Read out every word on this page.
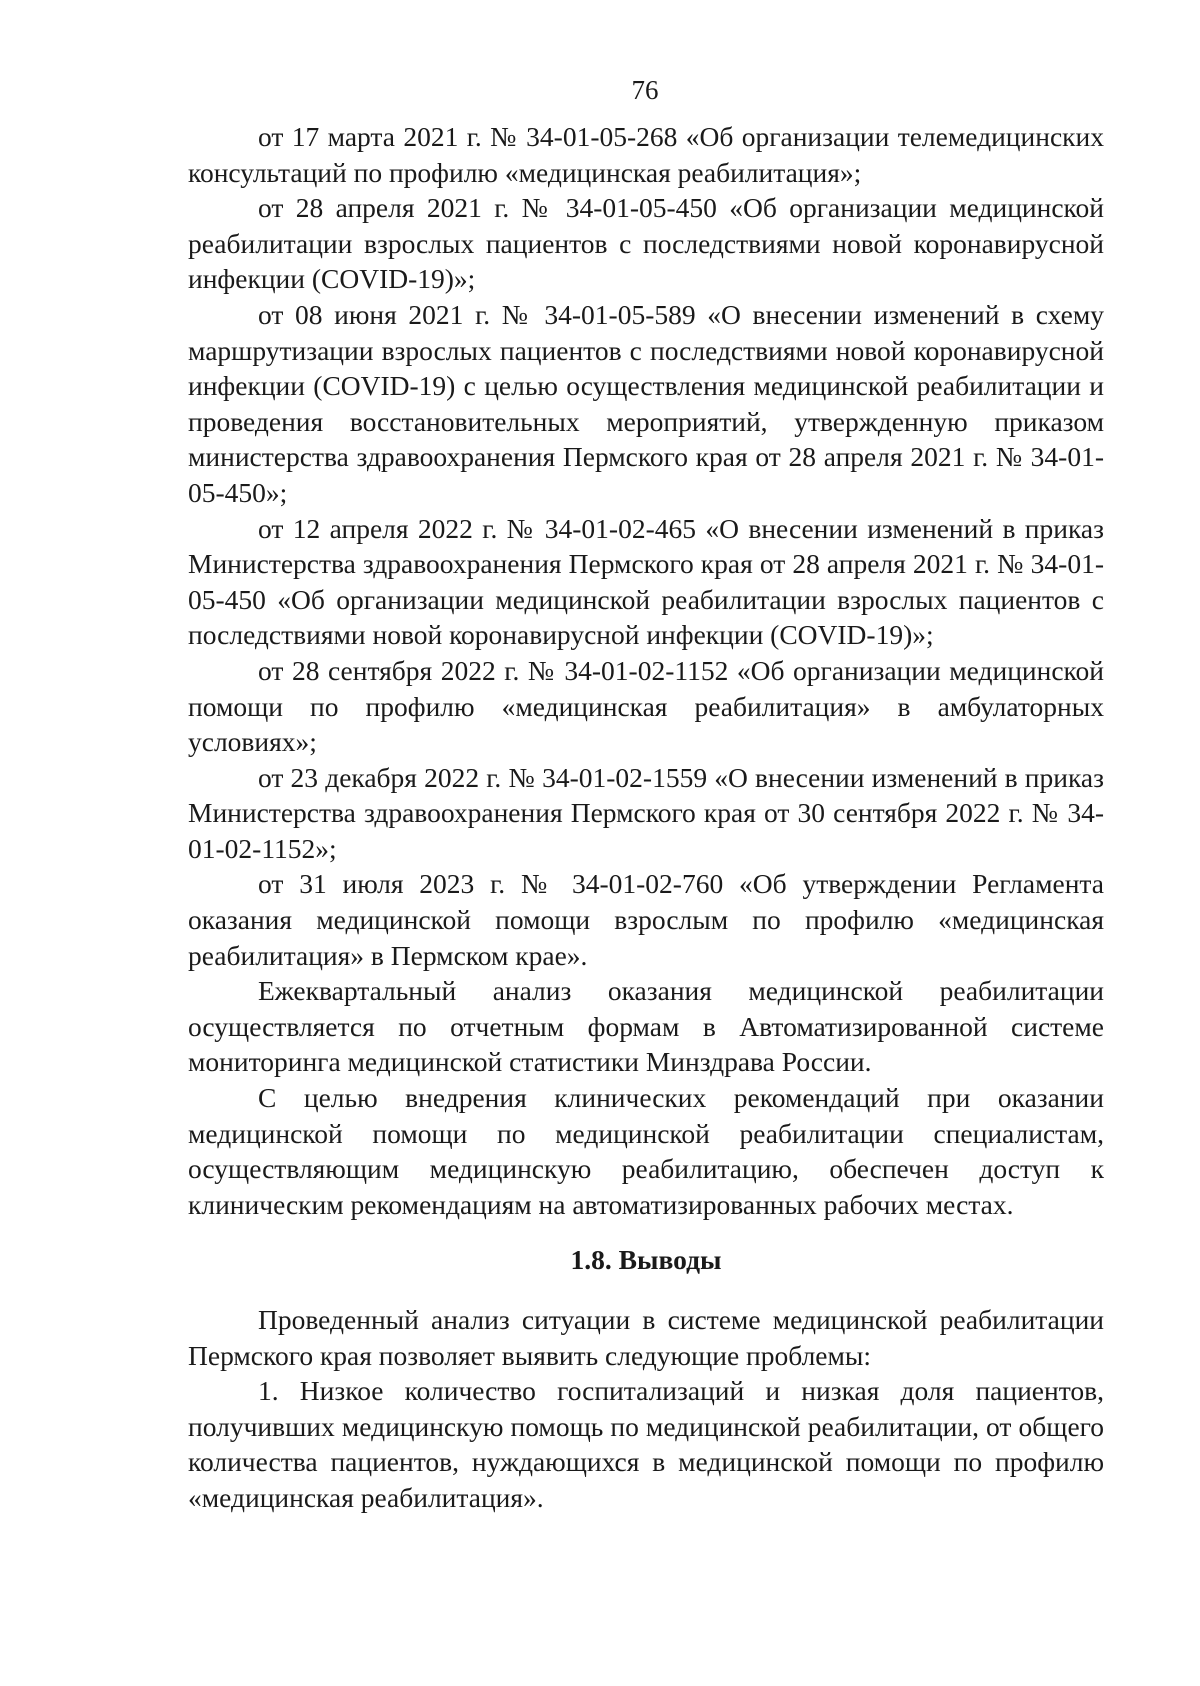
76

от 17 марта 2021 г. № 34-01-05-268 «Об организации телемедицинских консультаций по профилю «медицинская реабилитация»;

от 28 апреля 2021 г. № 34-01-05-450 «Об организации медицинской реабилитации взрослых пациентов с последствиями новой коронавирусной инфекции (COVID-19)»;

от 08 июня 2021 г. № 34-01-05-589 «О внесении изменений в схему маршрутизации взрослых пациентов с последствиями новой коронавирусной инфекции (COVID-19) с целью осуществления медицинской реабилитации и проведения восстановительных мероприятий, утвержденную приказом министерства здравоохранения Пермского края от 28 апреля 2021 г. № 34-01-05-450»;

от 12 апреля 2022 г. № 34-01-02-465 «О внесении изменений в приказ Министерства здравоохранения Пермского края от 28 апреля 2021 г. № 34-01-05-450 «Об организации медицинской реабилитации взрослых пациентов с последствиями новой коронавирусной инфекции (COVID-19)»;

от 28 сентября 2022 г. № 34-01-02-1152 «Об организации медицинской помощи по профилю «медицинская реабилитация» в амбулаторных условиях»;

от 23 декабря 2022 г. № 34-01-02-1559 «О внесении изменений в приказ Министерства здравоохранения Пермского края от 30 сентября 2022 г. № 34-01-02-1152»;

от 31 июля 2023 г. № 34-01-02-760 «Об утверждении Регламента оказания медицинской помощи взрослым по профилю «медицинская реабилитация» в Пермском крае».

Ежеквартальный анализ оказания медицинской реабилитации осуществляется по отчетным формам в Автоматизированной системе мониторинга медицинской статистики Минздрава России.

С целью внедрения клинических рекомендаций при оказании медицинской помощи по медицинской реабилитации специалистам, осуществляющим медицинскую реабилитацию, обеспечен доступ к клиническим рекомендациям на автоматизированных рабочих местах.

1.8. Выводы

Проведенный анализ ситуации в системе медицинской реабилитации Пермского края позволяет выявить следующие проблемы:

1. Низкое количество госпитализаций и низкая доля пациентов, получивших медицинскую помощь по медицинской реабилитации, от общего количества пациентов, нуждающихся в медицинской помощи по профилю «медицинская реабилитация».
